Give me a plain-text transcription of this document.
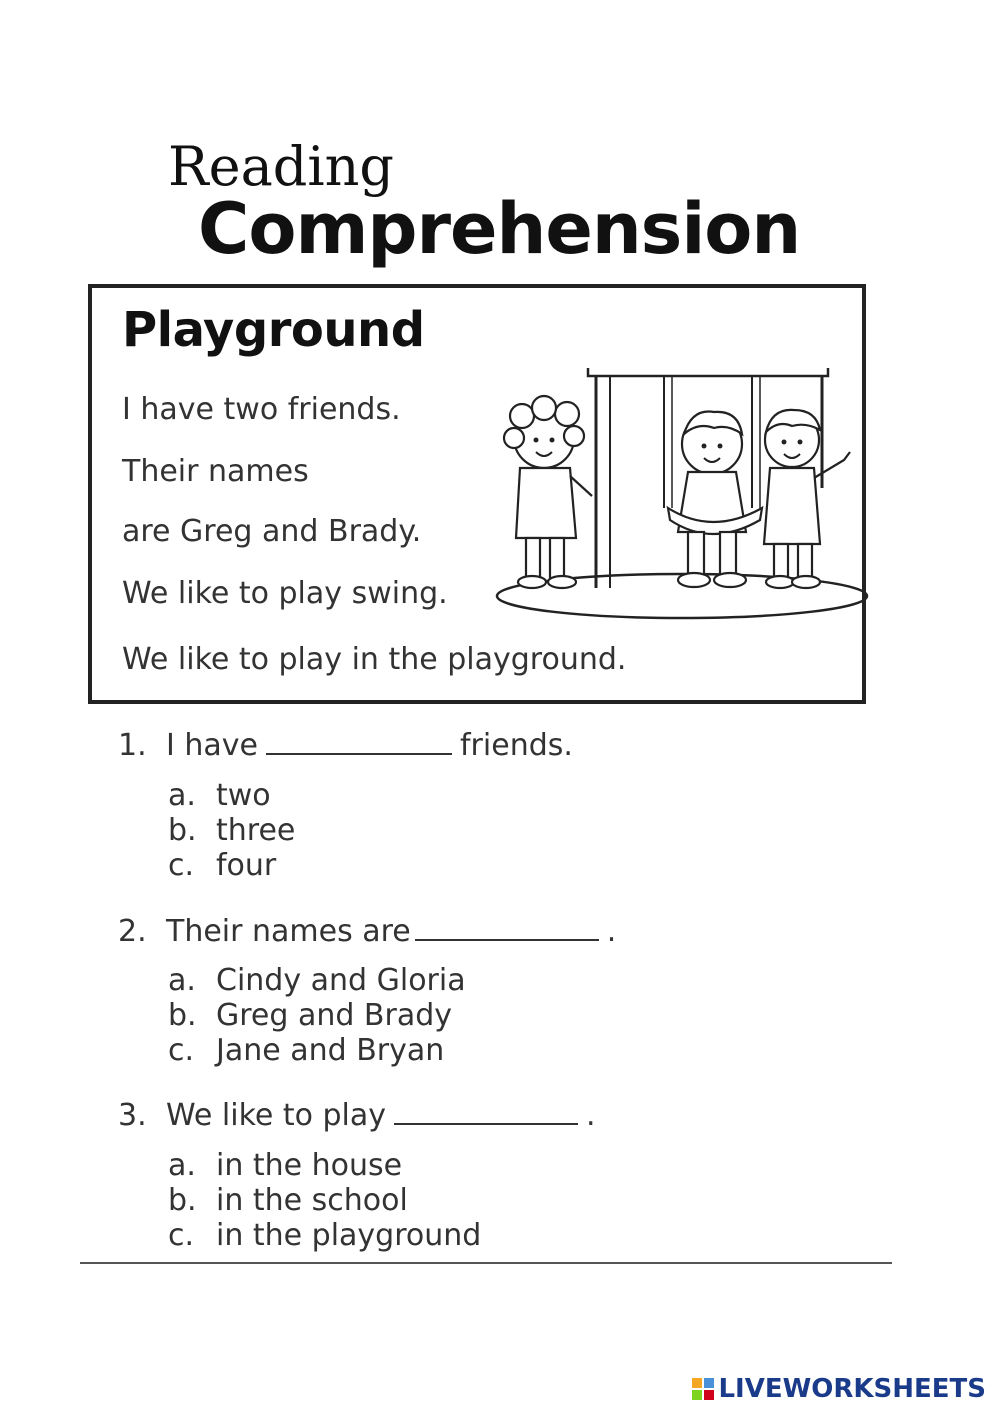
Reading
Comprehension
Playground
I have two friends.
Their names
are Greg and Brady.
We like to play swing.
We like to play in the playground.
1. I have	friends.
a. two
b. three
c. four
2. Their names are	.
a. Cindy and Gloria
b. Greg and Brady
c. Jane and Bryan
3. We like to play	.
a. in the house
b. in the school
c. in the playground
LIVEWORKSHEETS
